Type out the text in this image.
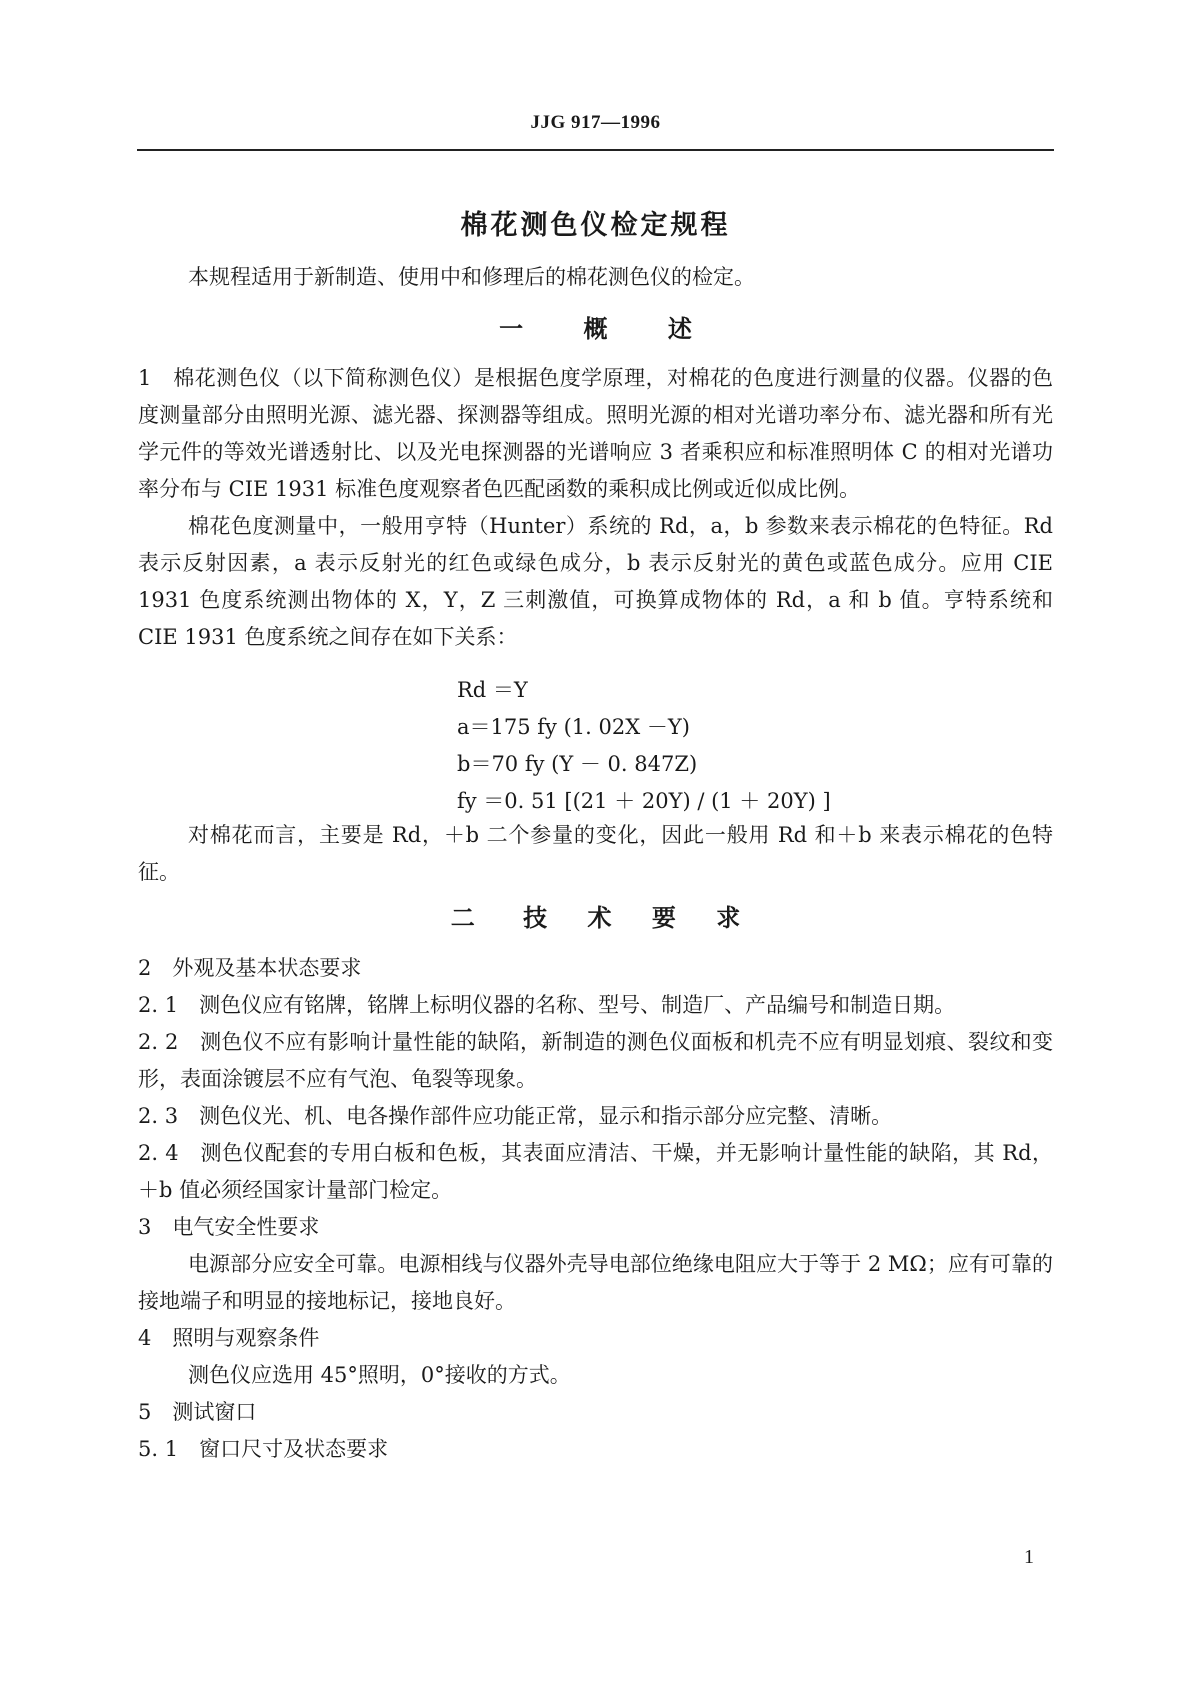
JJG 917—1996
棉花测色仪检定规程

本规程适用于新制造、使用中和修理后的棉花测色仪的检定。

一	概	述

1　棉花测色仪（以下简称测色仪）是根据色度学原理，对棉花的色度进行测量的仪器。仪器的色度测量部分由照明光源、滤光器、探测器等组成。照明光源的相对光谱功率分布、滤光器和所有光学元件的等效光谱透射比、以及光电探测器的光谱响应 3 者乘积应和标准照明体 C 的相对光谱功率分布与 CIE 1931 标准色度观察者色匹配函数的乘积成比例或近似成比例。

棉花色度测量中，一般用亨特（Hunter）系统的 Rd，a，b 参数来表示棉花的色特征。Rd 表示反射因素，a 表示反射光的红色或绿色成分，b 表示反射光的黄色或蓝色成分。应用 CIE 1931 色度系统测出物体的 X，Y，Z 三刺激值，可换算成物体的 Rd，a 和 b 值。亨特系统和 CIE 1931 色度系统之间存在如下关系：

Rd ＝Y
a＝175 fy (1. 02X －Y)
b＝70 fy (Y － 0. 847Z)
fy ＝0. 51 [(21 ＋ 20Y) / (1 ＋ 20Y) ]

对棉花而言，主要是 Rd，＋b 二个参量的变化，因此一般用 Rd 和＋b 来表示棉花的色特征。

二 技 术 要 求

2　外观及基本状态要求

2. 1　测色仪应有铭牌，铭牌上标明仪器的名称、型号、制造厂、产品编号和制造日期。

2. 2　测色仪不应有影响计量性能的缺陷，新制造的测色仪面板和机壳不应有明显划痕、裂纹和变形，表面涂镀层不应有气泡、龟裂等现象。

2. 3　测色仪光、机、电各操作部件应功能正常，显示和指示部分应完整、清晰。

2. 4　测色仪配套的专用白板和色板，其表面应清洁、干燥，并无影响计量性能的缺陷，其 Rd，＋b 值必须经国家计量部门检定。

3　电气安全性要求

电源部分应安全可靠。电源相线与仪器外壳导电部位绝缘电阻应大于等于 2 MΩ；应有可靠的接地端子和明显的接地标记，接地良好。

4　照明与观察条件

测色仪应选用 45°照明，0°接收的方式。

5　测试窗口

5. 1　窗口尺寸及状态要求

1
